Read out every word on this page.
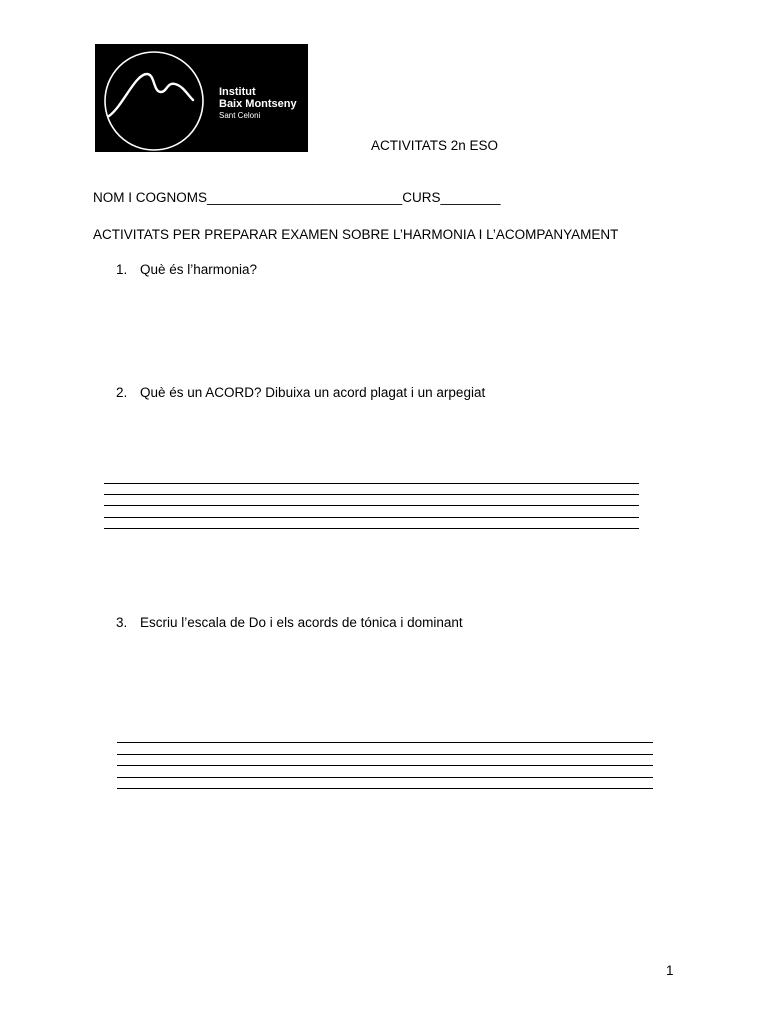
Institut
Baix Montseny
Sant Celoni
ACTIVITATS 2n ESO
NOM I COGNOMS__________________________CURS________
ACTIVITATS PER PREPARAR EXAMEN SOBRE L’HARMONIA I L’ACOMPANYAMENT
1. Què és l’harmonia?
2. Què és un ACORD? Dibuixa un acord plagat i un arpegiat
3. Escriu l’escala de Do i els acords de tónica i dominant
1
